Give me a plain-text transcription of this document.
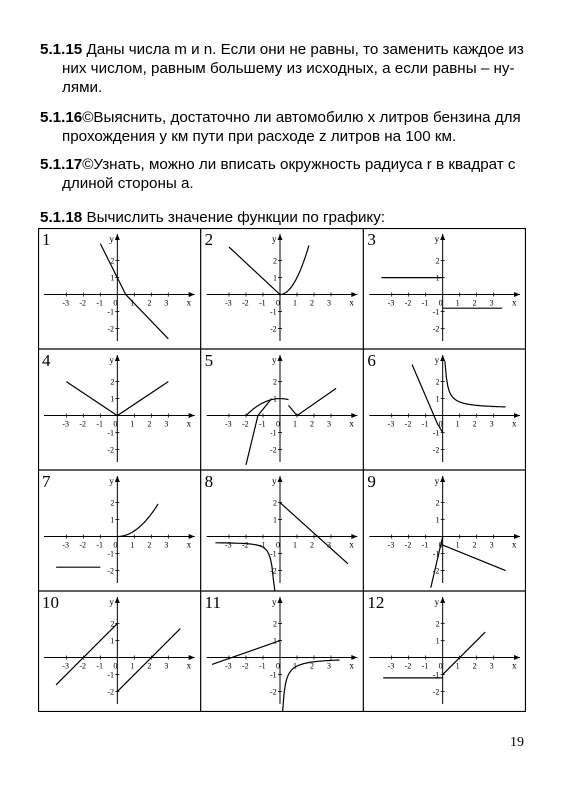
5.1.15 Даны числа m и n. Если они не равны, то заменить каждое из
них числом, равным большему из исходных, а если равны – ну-
лями.
5.1.16©Выяснить, достаточно ли автомобилю x литров бензина для
прохождения y км пути при расходе z литров на 100 км.
5.1.17©Узнать, можно ли вписать окружность радиуса r в квадрат с
длиной стороны a.
5.1.18 Вычислить значение функции по графику:
1
-3 -2 -1 0 1 2 3 x
y
2
1
-1
-2
2
-3 -2 -1 0 1 2 3 x
y
2
1
-1
-2
3
-3 -2 -1 0 1 2 3 x
y
2
1
-1
-2
4
-3 -2 -1 0 1 2 3 x
y
2
1
-1
-2
5
-3 -2 -1 0 1 2 3 x
y
2
1
-1
-2
6
-3 -2 -1 0 1 2 3 x
y
2
1
-1
-2
7
-3 -2 -1 0 1 2 3 x
y
2
1
-1
-2
8
-3 -2 -1 0 1 2 3 x
y
2
1
-1
-2
9
-3 -2 -1 0 1 2 3 x
y
2
1
-1
-2
10
-3 -2 -1 0 1 2 3 x
y
2
1
-1
-2
11
-3 -2 -1 0 1 2 3 x
y
2
1
-1
-2
12
-3 -2 -1 0 1 2 3 x
y
2
1
-1
-2
19
